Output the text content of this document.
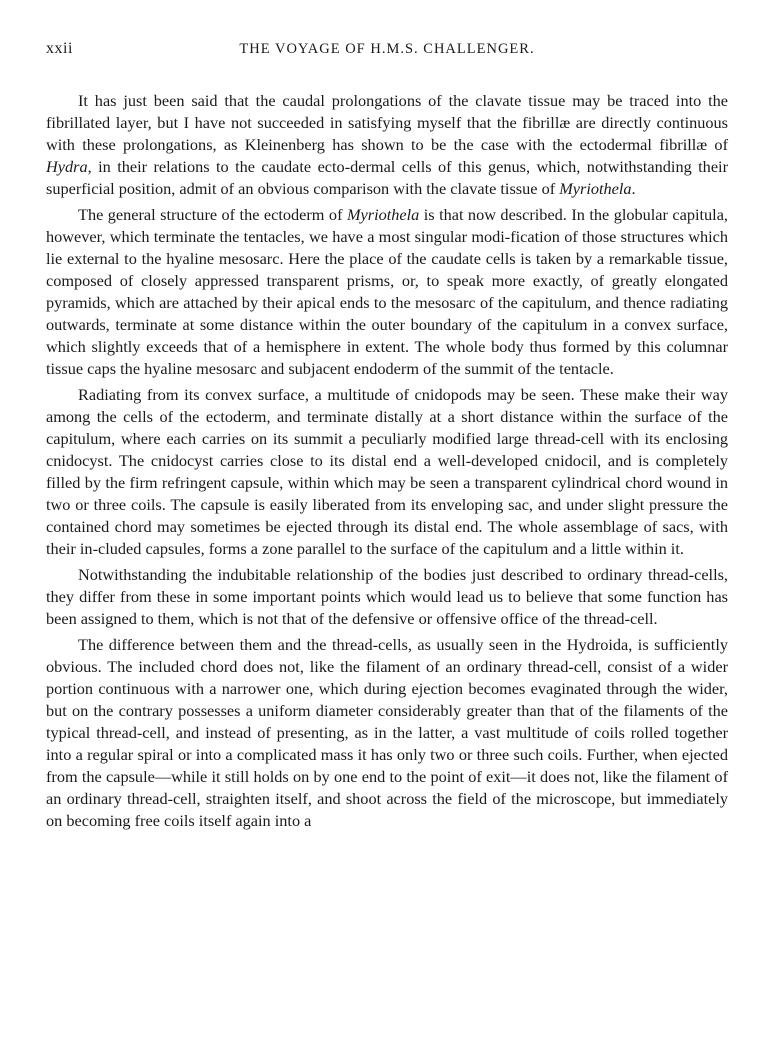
xxii	THE VOYAGE OF H.M.S. CHALLENGER.

It has just been said that the caudal prolongations of the clavate tissue may be traced into the fibrillated layer, but I have not succeeded in satisfying myself that the fibrillæ are directly continuous with these prolongations, as Kleinenberg has shown to be the case with the ectodermal fibrillæ of Hydra, in their relations to the caudate ecto-dermal cells of this genus, which, notwithstanding their superficial position, admit of an obvious comparison with the clavate tissue of Myriothela.

The general structure of the ectoderm of Myriothela is that now described. In the globular capitula, however, which terminate the tentacles, we have a most singular modi-fication of those structures which lie external to the hyaline mesosarc. Here the place of the caudate cells is taken by a remarkable tissue, composed of closely appressed transparent prisms, or, to speak more exactly, of greatly elongated pyramids, which are attached by their apical ends to the mesosarc of the capitulum, and thence radiating outwards, terminate at some distance within the outer boundary of the capitulum in a convex surface, which slightly exceeds that of a hemisphere in extent. The whole body thus formed by this columnar tissue caps the hyaline mesosarc and subjacent endoderm of the summit of the tentacle.

Radiating from its convex surface, a multitude of cnidopods may be seen. These make their way among the cells of the ectoderm, and terminate distally at a short distance within the surface of the capitulum, where each carries on its summit a peculiarly modified large thread-cell with its enclosing cnidocyst. The cnidocyst carries close to its distal end a well-developed cnidocil, and is completely filled by the firm refringent capsule, within which may be seen a transparent cylindrical chord wound in two or three coils. The capsule is easily liberated from its enveloping sac, and under slight pressure the contained chord may sometimes be ejected through its distal end. The whole assemblage of sacs, with their in-cluded capsules, forms a zone parallel to the surface of the capitulum and a little within it.

Notwithstanding the indubitable relationship of the bodies just described to ordinary thread-cells, they differ from these in some important points which would lead us to believe that some function has been assigned to them, which is not that of the defensive or offensive office of the thread-cell.

The difference between them and the thread-cells, as usually seen in the Hydroida, is sufficiently obvious. The included chord does not, like the filament of an ordinary thread-cell, consist of a wider portion continuous with a narrower one, which during ejection becomes evaginated through the wider, but on the contrary possesses a uniform diameter considerably greater than that of the filaments of the typical thread-cell, and instead of presenting, as in the latter, a vast multitude of coils rolled together into a regular spiral or into a complicated mass it has only two or three such coils. Further, when ejected from the capsule—while it still holds on by one end to the point of exit—it does not, like the filament of an ordinary thread-cell, straighten itself, and shoot across the field of the microscope, but immediately on becoming free coils itself again into a
